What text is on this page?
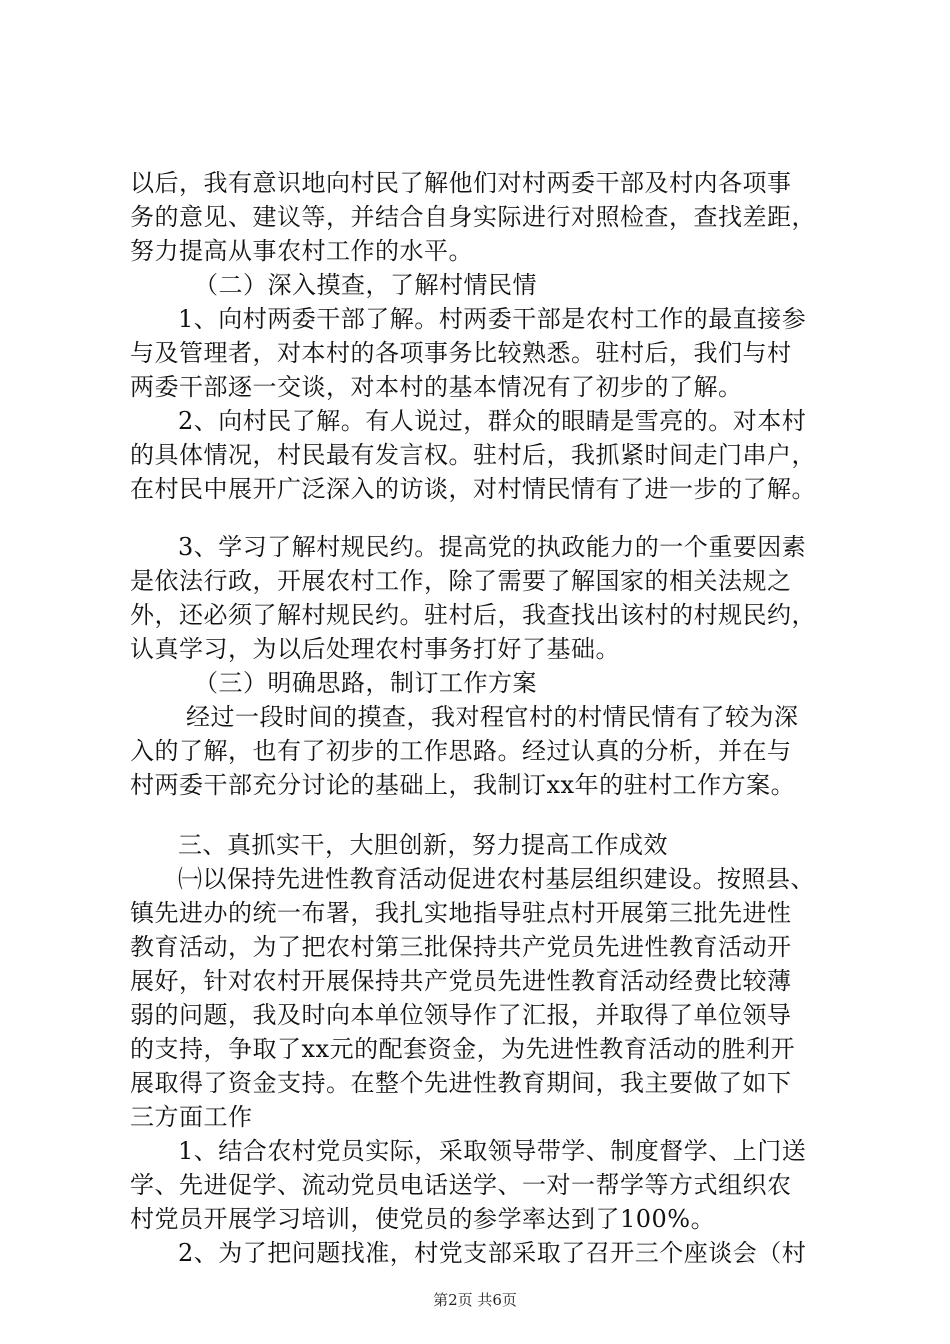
以后，我有意识地向村民了解他们对村两委干部及村内各项事
务的意见、建议等，并结合自身实际进行对照检查，查找差距，
努力提高从事农村工作的水平。
（二）深入摸查，了解村情民情
1、向村两委干部了解。村两委干部是农村工作的最直接参
与及管理者，对本村的各项事务比较熟悉。驻村后，我们与村
两委干部逐一交谈，对本村的基本情况有了初步的了解。
2、向村民了解。有人说过，群众的眼睛是雪亮的。对本村
的具体情况，村民最有发言权。驻村后，我抓紧时间走门串户，
在村民中展开广泛深入的访谈，对村情民情有了进一步的了解。
3、学习了解村规民约。提高党的执政能力的一个重要因素
是依法行政，开展农村工作，除了需要了解国家的相关法规之
外，还必须了解村规民约。驻村后，我查找出该村的村规民约，
认真学习，为以后处理农村事务打好了基础。
（三）明确思路，制订工作方案
经过一段时间的摸查，我对程官村的村情民情有了较为深
入的了解，也有了初步的工作思路。经过认真的分析，并在与
村两委干部充分讨论的基础上，我制订xx年的驻村工作方案。
三、真抓实干，大胆创新，努力提高工作成效
㈠以保持先进性教育活动促进农村基层组织建设。按照县、
镇先进办的统一布署，我扎实地指导驻点村开展第三批先进性
教育活动，为了把农村第三批保持共产党员先进性教育活动开
展好，针对农村开展保持共产党员先进性教育活动经费比较薄
弱的问题，我及时向本单位领导作了汇报，并取得了单位领导
的支持，争取了xx元的配套资金，为先进性教育活动的胜利开
展取得了资金支持。在整个先进性教育期间，我主要做了如下
三方面工作
1、结合农村党员实际，采取领导带学、制度督学、上门送
学、先进促学、流动党员电话送学、一对一帮学等方式组织农
村党员开展学习培训，使党员的参学率达到了100%。
2、为了把问题找准，村党支部采取了召开三个座谈会（村
第2页 共6页
